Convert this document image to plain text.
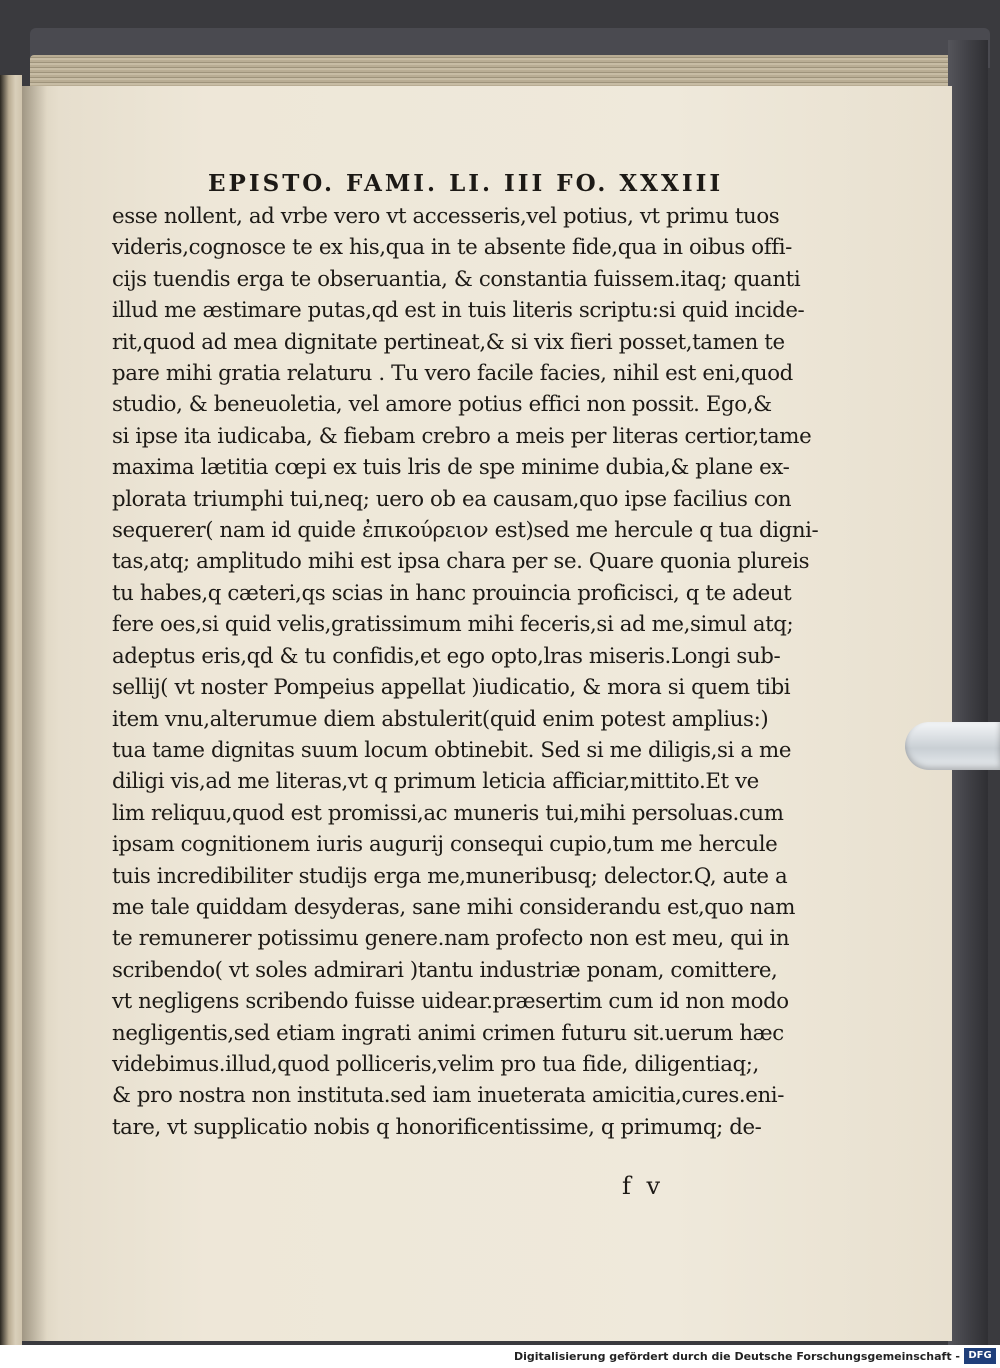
EPISTO. FAMI. LI. III FO. XXXIII
esse nollent, ad vrbe vero vt accesseris,vel potius, vt primu tuos
videris,cognosce te ex his,qua in te absente fide,qua in oibus offi-
cijs tuendis erga te obseruantia, & constantia fuissem.itaq; quanti
illud me æstimare putas,qd est in tuis literis scriptu:si quid incide-
rit,quod ad mea dignitate pertineat,& si vix fieri posset,tamen te
pare mihi gratia relaturu . Tu vero facile facies, nihil est eni,quod
studio, & beneuoletia, vel amore potius effici non possit. Ego,&
si ipse ita iudicaba, & fiebam crebro a meis per literas certior,tame
maxima lætitia cœpi ex tuis lris de spe minime dubia,& plane ex-
plorata triumphi tui,neq; uero ob ea causam,quo ipse facilius con
sequerer( nam id quide ἐπικούρειον est)sed me hercule q tua digni-
tas,atq; amplitudo mihi est ipsa chara per se. Quare quonia plureis
tu habes,q cæteri,qs scias in hanc prouincia proficisci, q te adeut
fere oes,si quid velis,gratissimum mihi feceris,si ad me,simul atq;
adeptus eris,qd & tu confidis,et ego opto,lras miseris.Longi sub-
sellij( vt noster Pompeius appellat )iudicatio, & mora si quem tibi
item vnu,alterumue diem abstulerit(quid enim potest amplius:)
tua tame dignitas suum locum obtinebit. Sed si me diligis,si a me
diligi vis,ad me literas,vt q primum leticia afficiar,mittito.Et ve
lim reliquu,quod est promissi,ac muneris tui,mihi persoluas.cum
ipsam cognitionem iuris augurij consequi cupio,tum me hercule
tuis incredibiliter studijs erga me,muneribusq; delector.Q, aute a
me tale quiddam desyderas, sane mihi considerandu est,quo nam
te remunerer potissimu genere.nam profecto non est meu, qui in
scribendo( vt soles admirari )tantu industriæ ponam, comittere,
vt negligens scribendo fuisse uidear.præsertim cum id non modo
negligentis,sed etiam ingrati animi crimen futuru sit.uerum hæc
videbimus.illud,quod polliceris,velim pro tua fide, diligentiaq;,
& pro nostra non instituta.sed iam inueterata amicitia,cures.eni-
tare, vt supplicatio nobis q honorificentissime, q primumq; de-
f v
Digitalisierung gefördert durch die Deutsche Forschungsgemeinschaft - DFG
